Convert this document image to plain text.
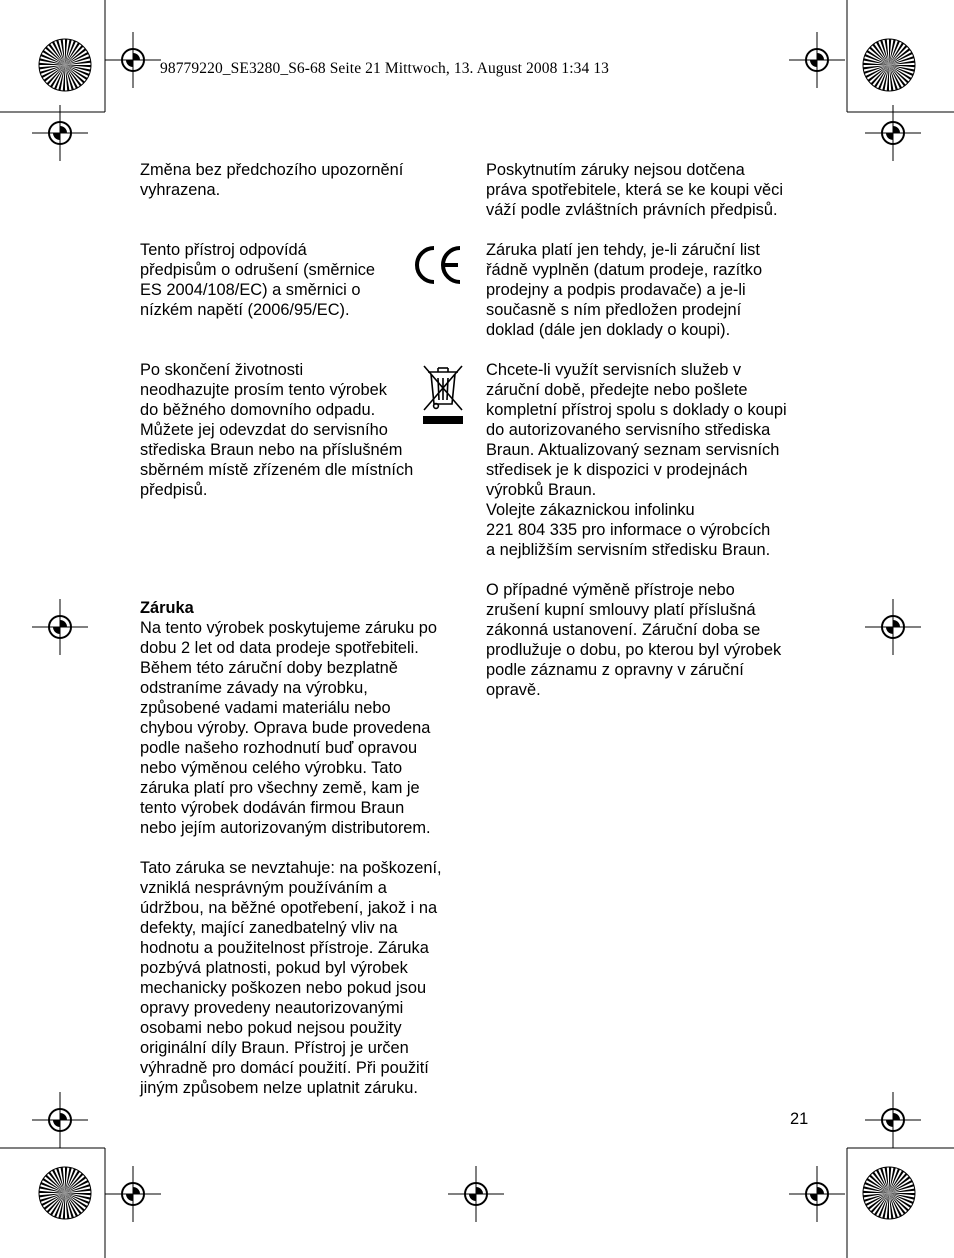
98779220_SE3280_S6-68 Seite 21 Mittwoch, 13. August 2008 1:34 13

Změna bez předchozího upozornění
vyhrazena.

Tento přístroj odpovídá
předpisům o odrušení (směrnice
ES 2004/108/EC) a směrnici o
nízkém napětí (2006/95/EC).

Po skončení životnosti
neodhazujte prosím tento výrobek
do běžného domovního odpadu.
Můžete jej odevzdat do servisního
střediska Braun nebo na příslušném
sběrném místě zřízeném dle místních
předpisů.

Záruka

Na tento výrobek poskytujeme záruku po
dobu 2 let od data prodeje spotřebiteli.
Během této záruční doby bezplatně
odstraníme závady na výrobku,
způsobené vadami materiálu nebo
chybou výroby. Oprava bude provedena
podle našeho rozhodnutí buď opravou
nebo výměnou celého výrobku. Tato
záruka platí pro všechny země, kam je
tento výrobek dodáván firmou Braun
nebo jejím autorizovaným distributorem.

Tato záruka se nevztahuje: na poškození,
vzniklá nesprávným používáním a
údržbou, na běžné opotřebení, jakož i na
defekty, mající zanedbatelný vliv na
hodnotu a použitelnost přístroje. Záruka
pozbývá platnosti, pokud byl výrobek
mechanicky poškozen nebo pokud jsou
opravy provedeny neautorizovanými
osobami nebo pokud nejsou použity
originální díly Braun. Přístroj je určen
výhradně pro domácí použití. Při použití
jiným způsobem nelze uplatnit záruku.

Poskytnutím záruky nejsou dotčena
práva spotřebitele, která se ke koupi věci
váží podle zvláštních právních předpisů.

Záruka platí jen tehdy, je-li záruční list
řádně vyplněn (datum prodeje, razítko
prodejny a podpis prodavače) a je-li
současně s ním předložen prodejní
doklad (dále jen doklady o koupi).

Chcete-li využít servisních služeb v
záruční době, předejte nebo pošlete
kompletní přístroj spolu s doklady o koupi
do autorizovaného servisního střediska
Braun. Aktualizovaný seznam servisních
středisek je k dispozici v prodejnách
výrobků Braun.
Volejte zákaznickou infolinku
221 804 335 pro informace o výrobcích
a nejbližším servisním středisku Braun.

O případné výměně přístroje nebo
zrušení kupní smlouvy platí příslušná
zákonná ustanovení. Záruční doba se
prodlužuje o dobu, po kterou byl výrobek
podle záznamu z opravny v záruční
opravě.

21
